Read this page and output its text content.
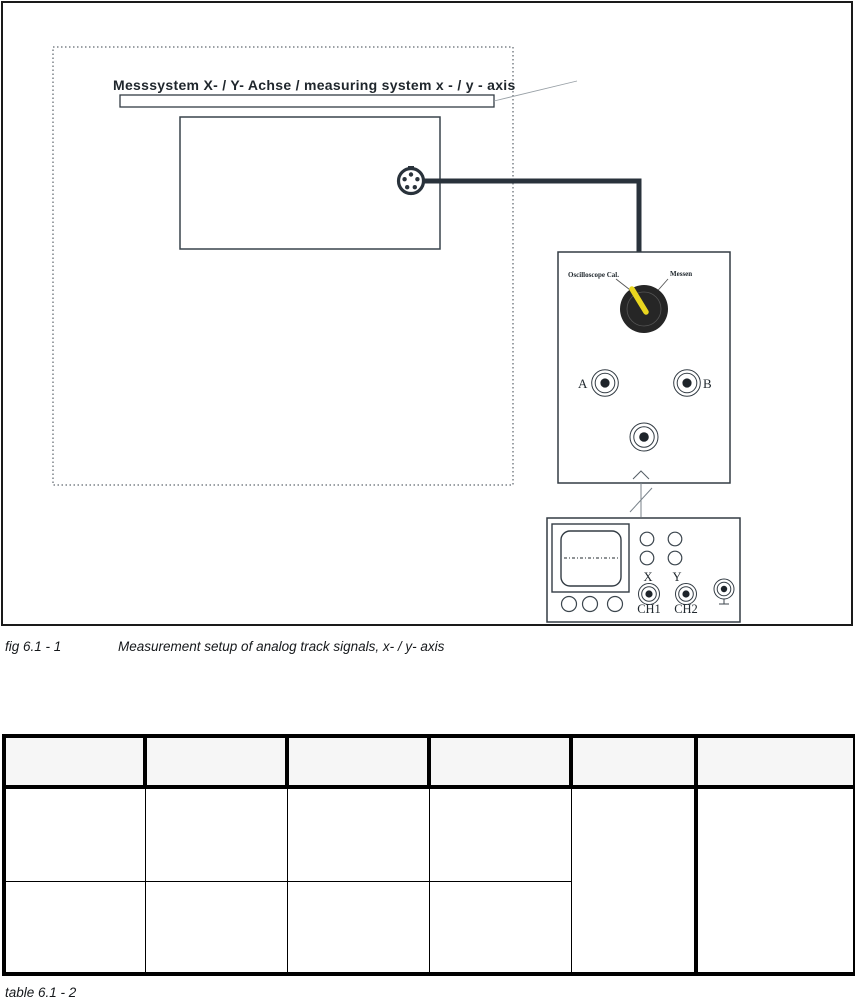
Messsystem X- / Y- Achse / measuring system x - / y - axis
Oscilloscope Cal.	Messen
A	B
X Y
CH1 CH2
fig 6.1 - 1	Measurement setup of analog track signals, x- / y- axis

table 6.1 - 2
